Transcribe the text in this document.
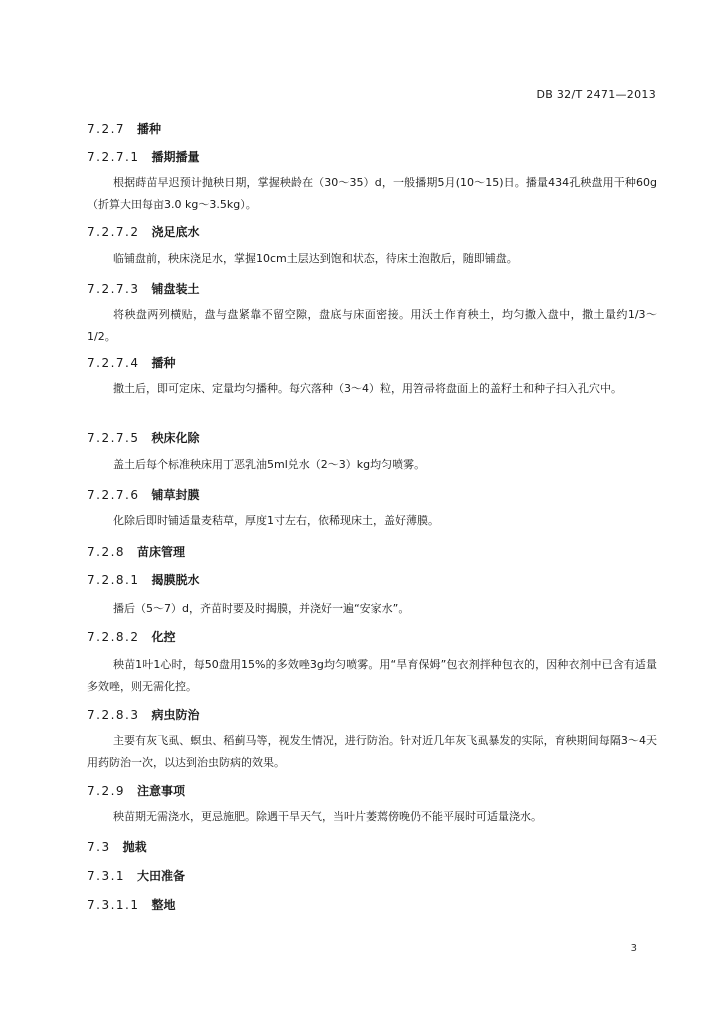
DB 32/T 2471—2013
7.2.7 播种
7.2.7.1 播期播量
根据蒔苗早迟预计抛秧日期，掌握秧龄在（30～35）d，一般播期5月(10～15)日。播量434孔秧盘用干种60g（折算大田每亩3.0 kg～3.5kg）。
7.2.7.2 浇足底水
临铺盘前，秧床浇足水，掌握10cm土层达到饱和状态，待床土泡散后，随即铺盘。
7.2.7.3 铺盘装土
将秧盘两列横贴，盘与盘紧靠不留空隙，盘底与床面密接。用沃土作育秧土，均匀撒入盘中，撒土量约1/3～1/2。
7.2.7.4 播种
撒土后，即可定床、定量均匀播种。每穴落种（3～4）粒，用笤帚将盘面上的盖籽土和种子扫入孔穴中。
7.2.7.5 秧床化除
盖土后每个标准秧床用丁恶乳油5ml兑水（2～3）kg均匀喷雾。
7.2.7.6 铺草封膜
化除后即时铺适量麦秸草，厚度1寸左右，依稀现床土，盖好薄膜。
7.2.8 苗床管理
7.2.8.1 揭膜脱水
播后（5～7）d，齐苗时要及时揭膜，并浇好一遍“安家水”。
7.2.8.2 化控
秧苗1叶1心时，每50盘用15%的多效唑3g均匀喷雾。用“旱育保姆”包衣剂拌种包衣的，因种衣剂中已含有适量多效唑，则无需化控。
7.2.8.3 病虫防治
主要有灰飞虱、螟虫、稻蓟马等，视发生情况，进行防治。针对近几年灰飞虱暴发的实际，育秧期间每隔3～4天用药防治一次，以达到治虫防病的效果。
7.2.9 注意事项
秧苗期无需浇水，更忌施肥。除遇干旱天气，当叶片萎蔫傍晚仍不能平展时可适量浇水。
7.3 抛栽
7.3.1 大田准备
7.3.1.1 整地
3
